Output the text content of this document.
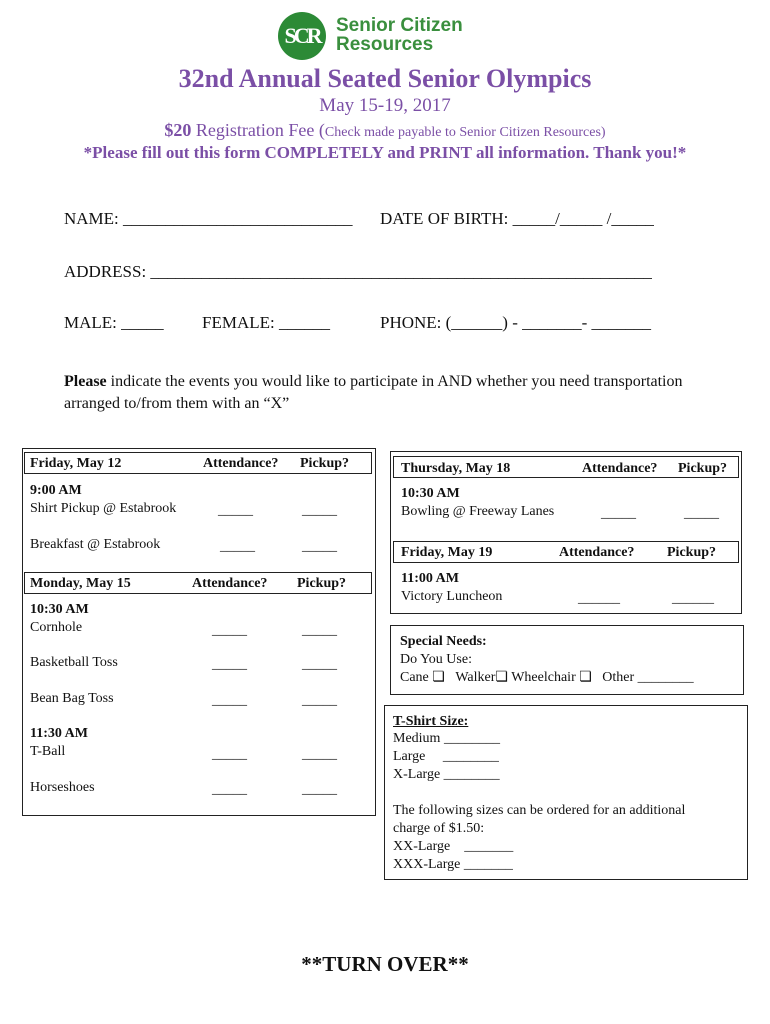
SCR Senior Citizen
Resources
32nd Annual Seated Senior Olympics
May 15-19, 2017
$20 Registration Fee (Check made payable to Senior Citizen Resources)
*Please fill out this form COMPLETELY and PRINT all information. Thank you!*
NAME: ___________________________ DATE OF BIRTH: _____/_____ /_____
ADDRESS: ___________________________________________________________
MALE: _____ FEMALE: ______	PHONE: (______) - _______- _______
Please indicate the events you would like to participate in AND whether you need transportation arranged to/from them with an “X”
Friday, May 12	Attendance? Pickup?
9:00 AM
Shirt Pickup @ Estabrook	_____	_____
Breakfast @ Estabrook	_____	_____
Monday, May 15	Attendance? Pickup?
10:30 AM
Cornhole	_____	_____
Basketball Toss	_____	_____
Bean Bag Toss	_____	_____
11:30 AM
T-Ball	_____	_____
Horseshoes	_____	_____
Thursday, May 18	Attendance? Pickup?
10:30 AM
Bowling @ Freeway Lanes	_____	_____
Friday, May 19	Attendance? Pickup?
11:00 AM
Victory Luncheon	______	______
Special Needs:
Do You Use:
Cane ❏ Walker❏ Wheelchair ❏ Other ________
T-Shirt Size:
Medium ________
Large     ________
X-Large ________
The following sizes can be ordered for an additional
charge of $1.50:
XX-Large    _______
XXX-Large _______
**TURN OVER**
